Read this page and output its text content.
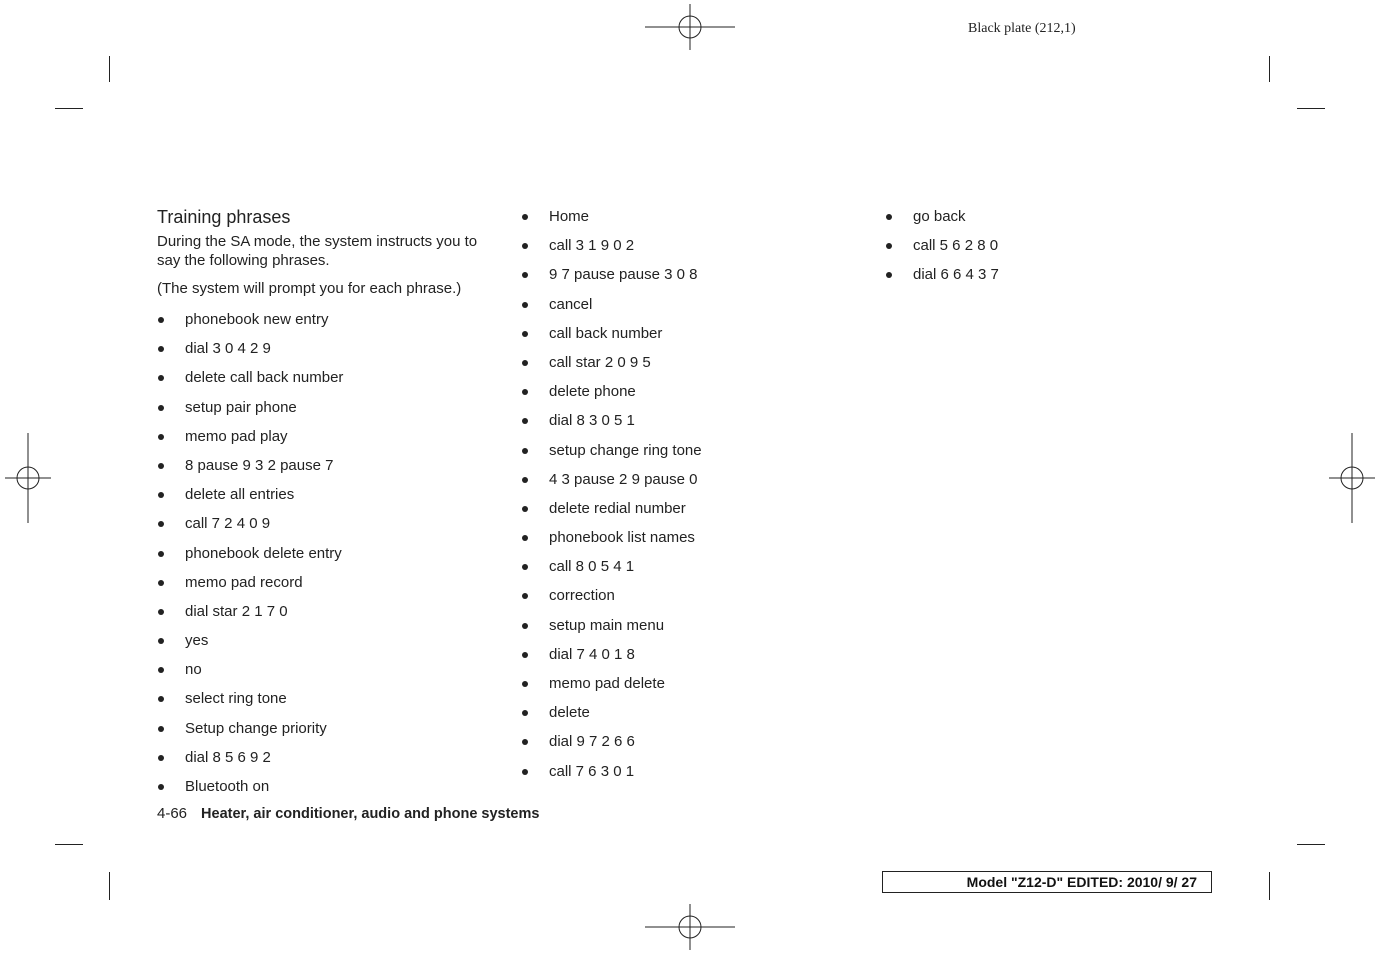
Black plate (212,1)
Training phrases
During the SA mode, the system instructs you to say the following phrases.
(The system will prompt you for each phrase.)
phonebook new entry
dial 3 0 4 2 9
delete call back number
setup pair phone
memo pad play
8 pause 9 3 2 pause 7
delete all entries
call 7 2 4 0 9
phonebook delete entry
memo pad record
dial star 2 1 7 0
yes
no
select ring tone
Setup change priority
dial 8 5 6 9 2
Bluetooth on
Home
call 3 1 9 0 2
9 7 pause pause 3 0 8
cancel
call back number
call star 2 0 9 5
delete phone
dial 8 3 0 5 1
setup change ring tone
4 3 pause 2 9 pause 0
delete redial number
phonebook list names
call 8 0 5 4 1
correction
setup main menu
dial 7 4 0 1 8
memo pad delete
delete
dial 9 7 2 6 6
call 7 6 3 0 1
go back
call 5 6 2 8 0
dial 6 6 4 3 7
4-66 Heater, air conditioner, audio and phone systems
Model "Z12-D" EDITED: 2010/ 9/ 27
